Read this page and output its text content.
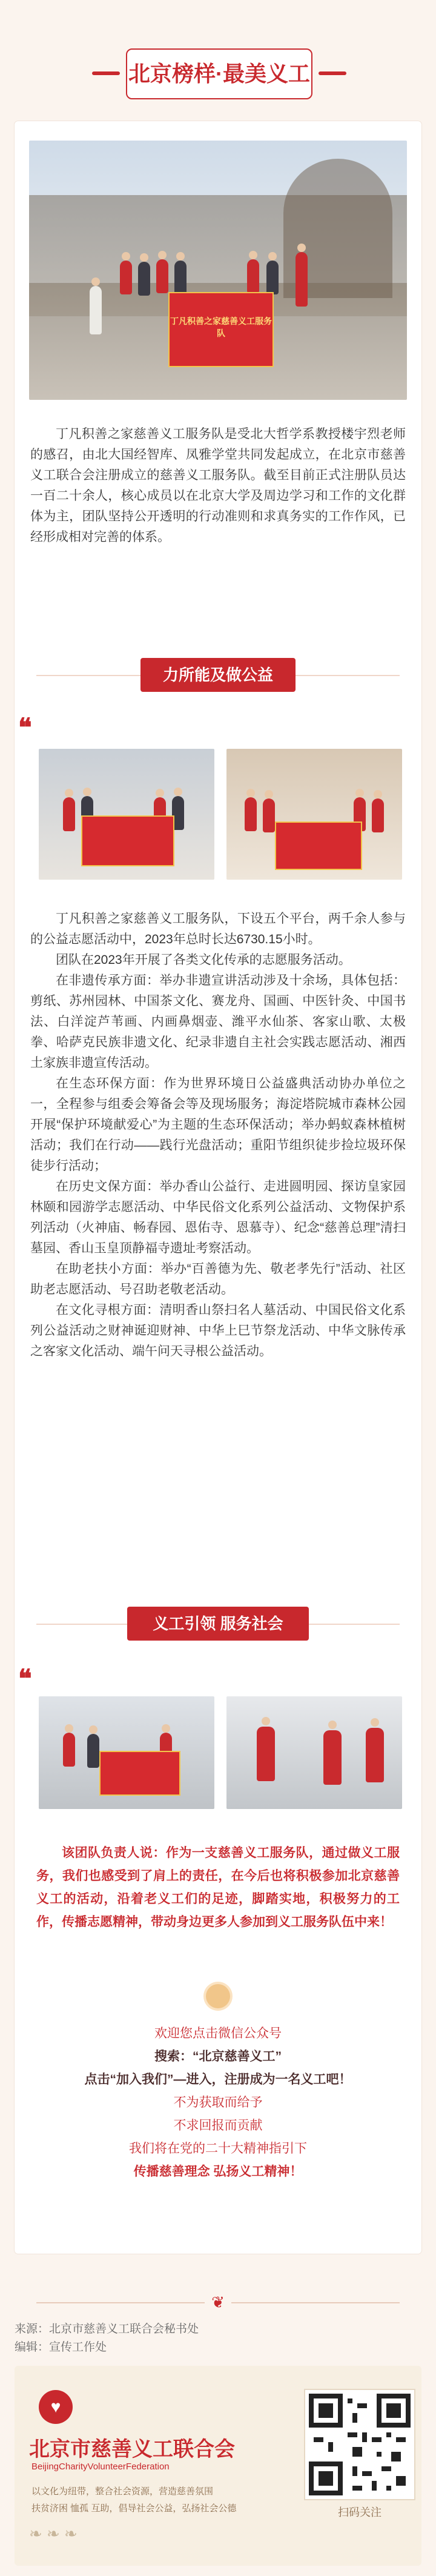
北京榜样·最美义工
丁凡积善之家慈善义工服务队

丁凡积善之家慈善义工服务队是受北大哲学系教授楼宇烈老师的感召，由北大国经智库、凤雅学堂共同发起成立，在北京市慈善义工联合会注册成立的慈善义工服务队。截至目前正式注册队员达一百二十余人，核心成员以在北京大学及周边学习和工作的文化群体为主，团队坚持公开透明的行动准则和求真务实的工作作风，已经形成相对完善的体系。

力所能及做公益
❝

丁凡积善之家慈善义工服务队，下设五个平台，两千余人参与的公益志愿活动中，2023年总时长达6730.15小时。

团队在2023年开展了各类文化传承的志愿服务活动。

在非遗传承方面：举办非遗宣讲活动涉及十余场，具体包括：剪纸、苏州园林、中国茶文化、赛龙舟、国画、中医针灸、中国书法、白洋淀芦苇画、内画鼻烟壶、潍平水仙茶、客家山歌、太极拳、哈萨克民族非遗文化、纪录非遗自主社会实践志愿活动、湘西土家族非遗宣传活动。

在生态环保方面：作为世界环境日公益盛典活动协办单位之一，全程参与组委会筹备会等及现场服务；海淀塔院城市森林公园开展“保护环境献爱心”为主题的生态环保活动；举办蚂蚁森林植树活动；我们在行动——践行光盘活动；重阳节组织徒步捡垃圾环保徒步行活动；

在历史文保方面：举办香山公益行、走进圆明园、探访皇家园林颐和园游学志愿活动、中华民俗文化系列公益活动、文物保护系列活动（火神庙、畅春园、恩佑寺、恩慕寺）、纪念“慈善总理”清扫墓园、香山玉皇顶静福寺遗址考察活动。

在助老扶小方面：举办“百善德为先、敬老孝先行”活动、社区助老志愿活动、号召助老敬老活动。

在文化寻根方面：清明香山祭扫名人墓活动、中国民俗文化系列公益活动之财神诞迎财神、中华上巳节祭龙活动、中华文脉传承之客家文化活动、端午问天寻根公益活动。

义工引领 服务社会
❝

该团队负责人说：作为一支慈善义工服务队，通过做义工服务，我们也感受到了肩上的责任，在今后也将积极参加北京慈善义工的活动，沿着老义工们的足迹，脚踏实地，积极努力的工作，传播志愿精神，带动身边更多人参加到义工服务队伍中来！

欢迎您点击微信公众号
搜索：“北京慈善义工”
点击“加入我们”—进入，注册成为一名义工吧！
不为获取而给予
不求回报而贡献
我们将在党的二十大精神指引下
传播慈善理念 弘扬义工精神！
❦
来源：北京市慈善义工联合会秘书处
编辑：宣传工作处
♥
北京市慈善义工联合会
BeijingCharityVolunteerFederation
以文化为纽带，整合社会资源，营造慈善氛围
扶贫济困 恤孤 互助，倡导社会公益，弘扬社会公德
❧ ❧ ❧
扫码关注
